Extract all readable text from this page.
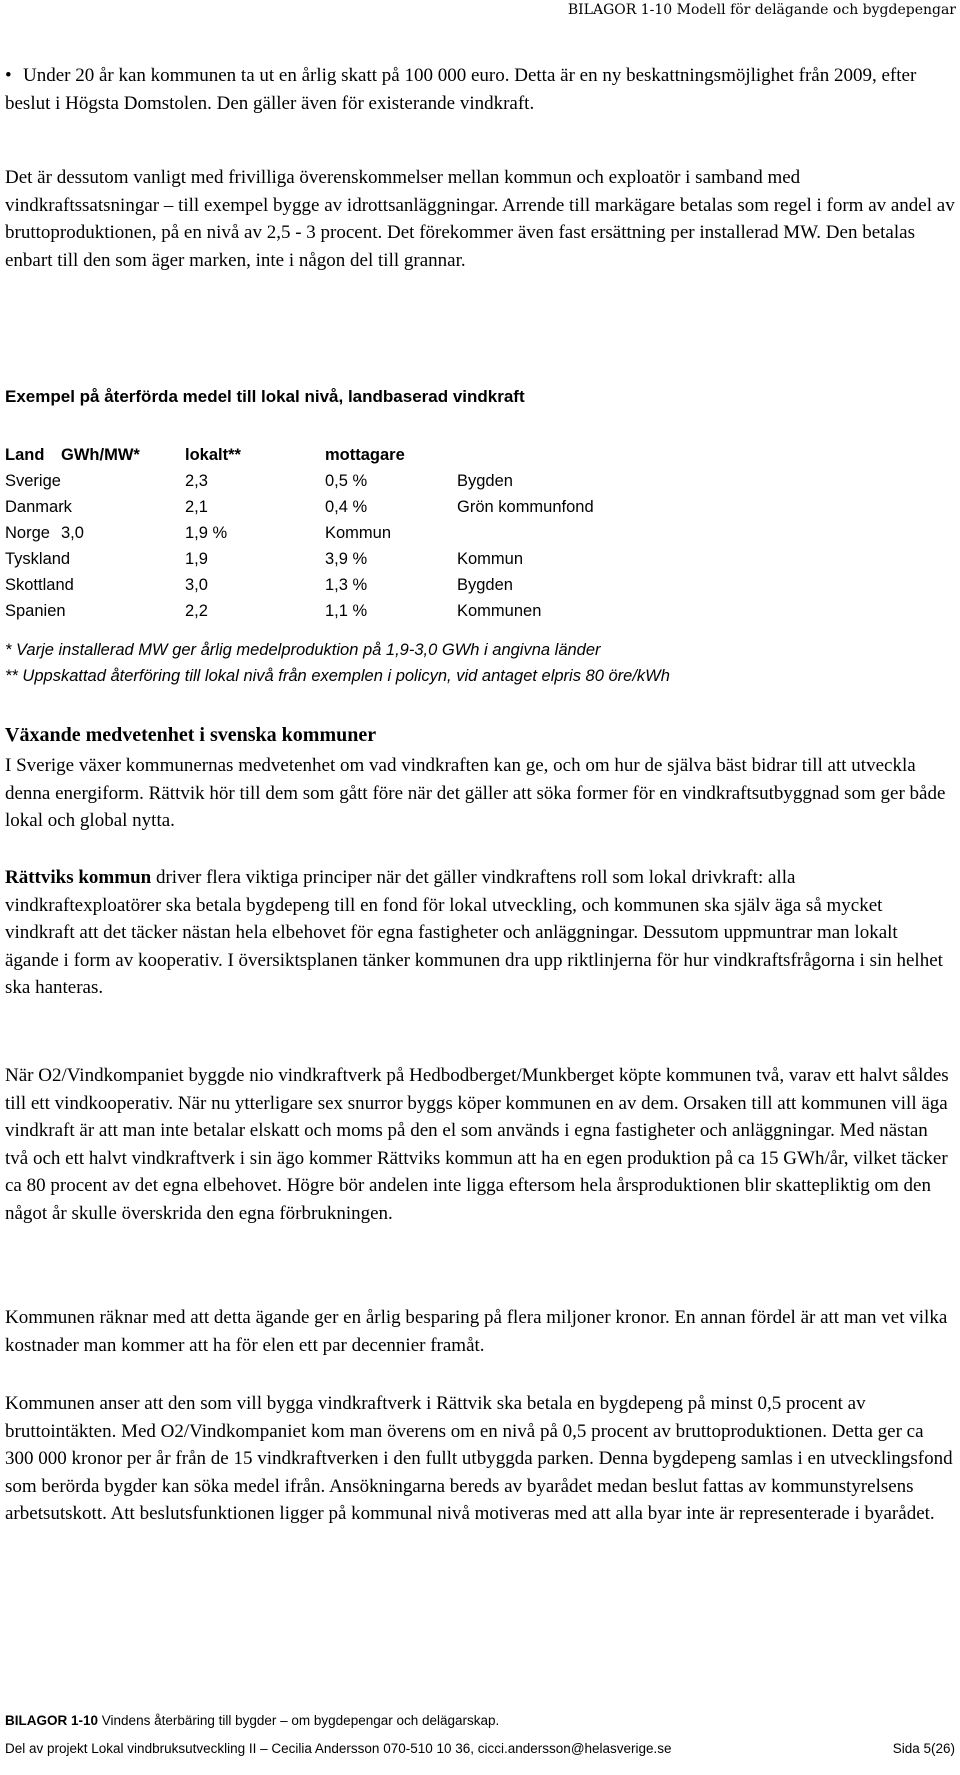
BILAGOR 1-10 Modell för delägande och bygdepengar

• Under 20 år kan kommunen ta ut en årlig skatt på 100 000 euro. Detta är en ny beskattningsmöjlighet från 2009, efter beslut i Högsta Domstolen. Den gäller även för existerande vindkraft.

Det är dessutom vanligt med frivilliga överenskommelser mellan kommun och exploatör i samband med vindkraftssatsningar – till exempel bygge av idrottsanläggningar. Arrende till markägare betalas som regel i form av andel av bruttoproduktionen, på en nivå av 2,5 - 3 procent. Det förekommer även fast ersättning per installerad MW. Den betalas enbart till den som äger marken, inte i någon del till grannar.

Exempel på återförda medel till lokal nivå, landbaserad vindkraft
Land GWh/MW*	lokalt**	mottagare
Sverige	2,3	0,5 %	Bygden
Danmark	2,1	0,4 %	Grön kommunfond
Norge 3,0	1,9 %	Kommun
Tyskland	1,9	3,9 %	Kommun
Skottland	3,0	1,3 %	Bygden
Spanien	2,2	1,1 %	Kommunen
* Varje installerad MW ger årlig medelproduktion på 1,9-3,0 GWh i angivna länder
** Uppskattad återföring till lokal nivå från exemplen i policyn, vid antaget elpris 80 öre/kWh
Växande medvetenhet i svenska kommuner

I Sverige växer kommunernas medvetenhet om vad vindkraften kan ge, och om hur de själva bäst bidrar till att utveckla denna energiform. Rättvik hör till dem som gått före när det gäller att söka former för en vindkraftsutbyggnad som ger både lokal och global nytta.

Rättviks kommun driver flera viktiga principer när det gäller vindkraftens roll som lokal drivkraft: alla vindkraftexploatörer ska betala bygdepeng till en fond för lokal utveckling, och kommunen ska själv äga så mycket vindkraft att det täcker nästan hela elbehovet för egna fastigheter och anläggningar. Dessutom uppmuntrar man lokalt ägande i form av kooperativ. I översiktsplanen tänker kommunen dra upp riktlinjerna för hur vindkraftsfrågorna i sin helhet ska hanteras.

När O2/Vindkompaniet byggde nio vindkraftverk på Hedbodberget/Munkberget köpte kommunen två, varav ett halvt såldes till ett vindkooperativ. När nu ytterligare sex snurror byggs köper kommunen en av dem. Orsaken till att kommunen vill äga vindkraft är att man inte betalar elskatt och moms på den el som används i egna fastigheter och anläggningar. Med nästan två och ett halvt vindkraftverk i sin ägo kommer Rättviks kommun att ha en egen produktion på ca 15 GWh/år, vilket täcker ca 80 procent av det egna elbehovet. Högre bör andelen inte ligga eftersom hela årsproduktionen blir skattepliktig om den något år skulle överskrida den egna förbrukningen.

Kommunen räknar med att detta ägande ger en årlig besparing på flera miljoner kronor. En annan fördel är att man vet vilka kostnader man kommer att ha för elen ett par decennier framåt.

Kommunen anser att den som vill bygga vindkraftverk i Rättvik ska betala en bygdepeng på minst 0,5 procent av bruttointäkten. Med O2/Vindkompaniet kom man överens om en nivå på 0,5 procent av bruttoproduktionen. Detta ger ca 300 000 kronor per år från de 15 vindkraftverken i den fullt utbyggda parken. Denna bygdepeng samlas i en utvecklingsfond som berörda bygder kan söka medel ifrån. Ansökningarna bereds av byarådet medan beslut fattas av kommunstyrelsens arbetsutskott. Att beslutsfunktionen ligger på kommunal nivå motiveras med att alla byar inte är representerade i byarådet.

BILAGOR 1-10 Vindens återbäring till bygder – om bygdepengar och delägarskap.
Del av projekt Lokal vindbruksutveckling II – Cecilia Andersson 070-510 10 36, cicci.andersson@helasverige.se	Sida 5(26)
